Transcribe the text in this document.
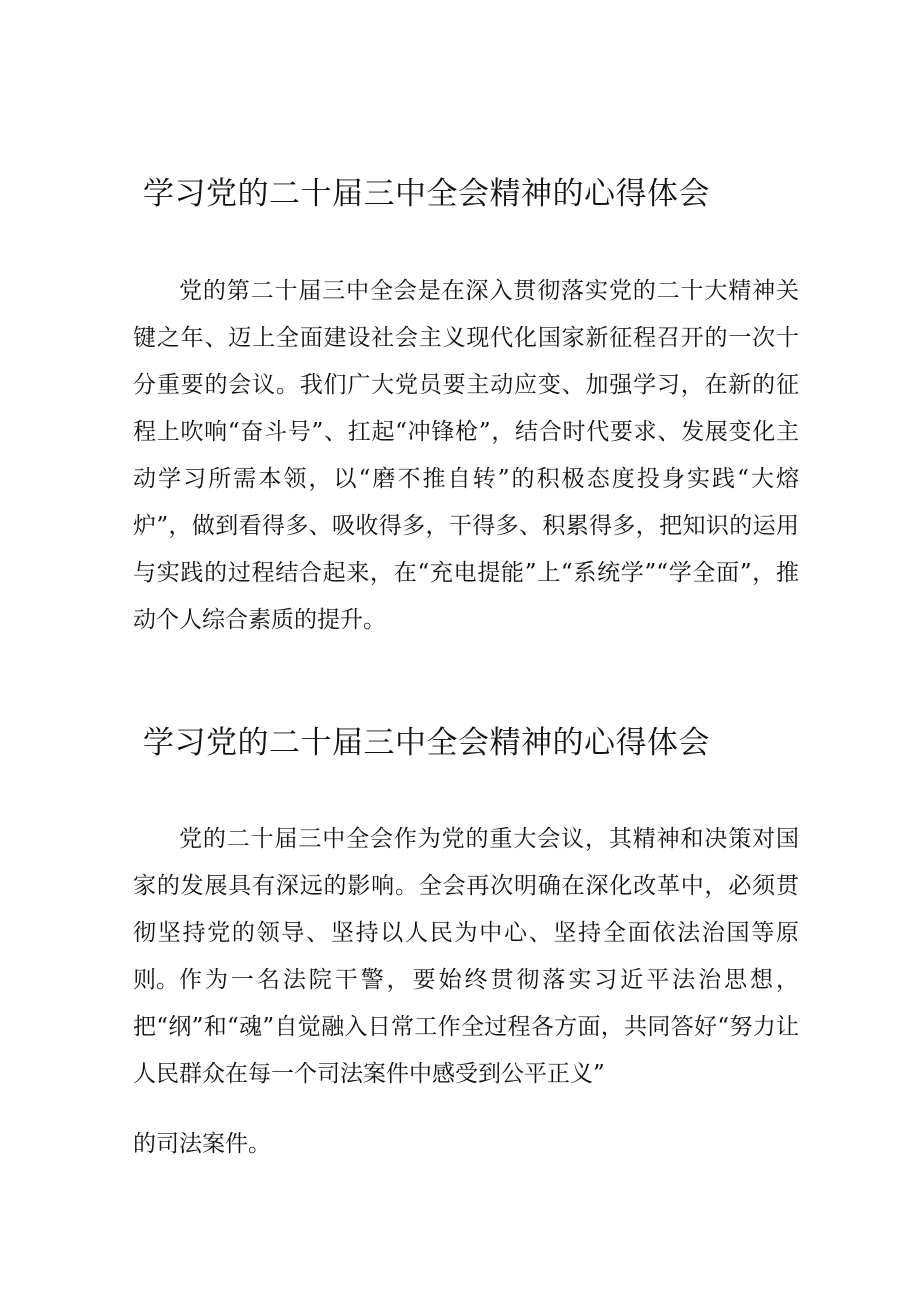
学习党的二十届三中全会精神的心得体会

党的第二十届三中全会是在深入贯彻落实党的二十大精神关键之年、迈上全面建设社会主义现代化国家新征程召开的一次十分重要的会议。我们广大党员要主动应变、加强学习，在新的征程上吹响“奋斗号”、扛起“冲锋枪”，结合时代要求、发展变化主动学习所需本领，以“磨不推自转”的积极态度投身实践“大熔炉”，做到看得多、吸收得多，干得多、积累得多，把知识的运用与实践的过程结合起来，在“充电提能”上“系统学”“学全面”，推动个人综合素质的提升。

学习党的二十届三中全会精神的心得体会

党的二十届三中全会作为党的重大会议，其精神和决策对国家的发展具有深远的影响。全会再次明确在深化改革中，必须贯彻坚持党的领导、坚持以人民为中心、坚持全面依法治国等原则。 作为一名法院干警，要始终贯彻落实习近平法治思想，把“纲”和“魂”自觉融入日常工作全过程各方面，共同答好“努力让人民群众在每一个司法案件中感受到公平正义”

的司法案件。
